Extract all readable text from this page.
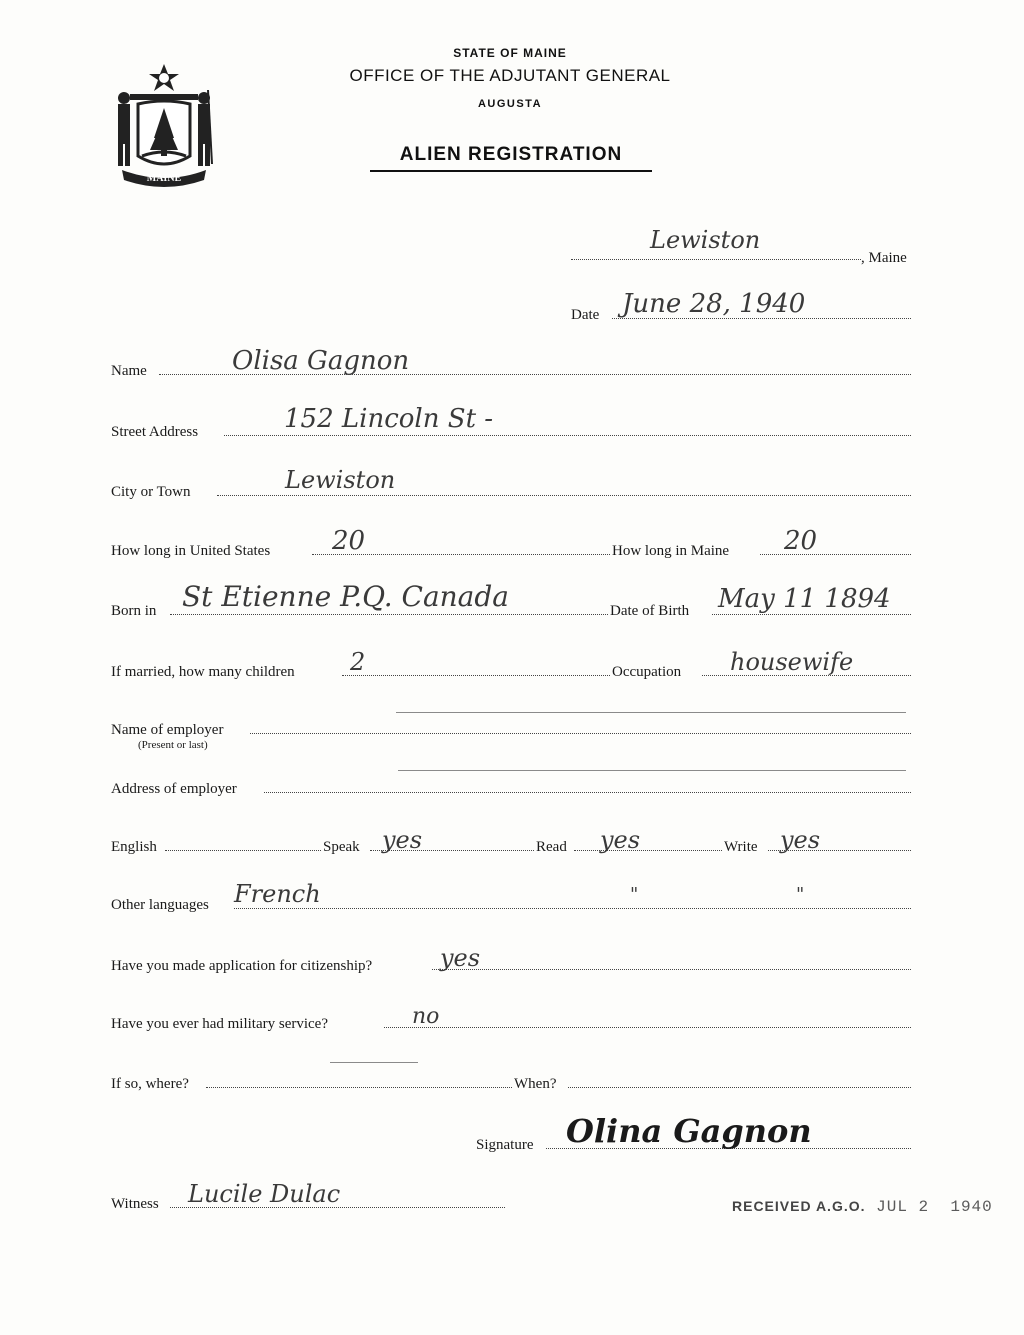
MAINE
STATE OF MAINE
OFFICE OF THE ADJUTANT GENERAL
AUGUSTA
ALIEN REGISTRATION
Lewiston
, Maine
Date June 28, 1940
Name	Olisa Gagnon
Street Address	152 Lincoln St -
City or Town	Lewiston
How long in United States 20	How long in Maine 20
Born in St Etienne P.Q. Canada	Date of Birth May 11 1894
If married, how many children 2	Occupation housewife
Name of employer
(Present or last)
Address of employer
English	Speak yes	Read yes	Write yes
Other languages French	"	"
Have you made application for citizenship?	yes
Have you ever had military service?	no
If so, where?	When?
Signature Olina Gagnon
Witness Lucile Dulac	RECEIVED A.G.O. JUL 2  1940
